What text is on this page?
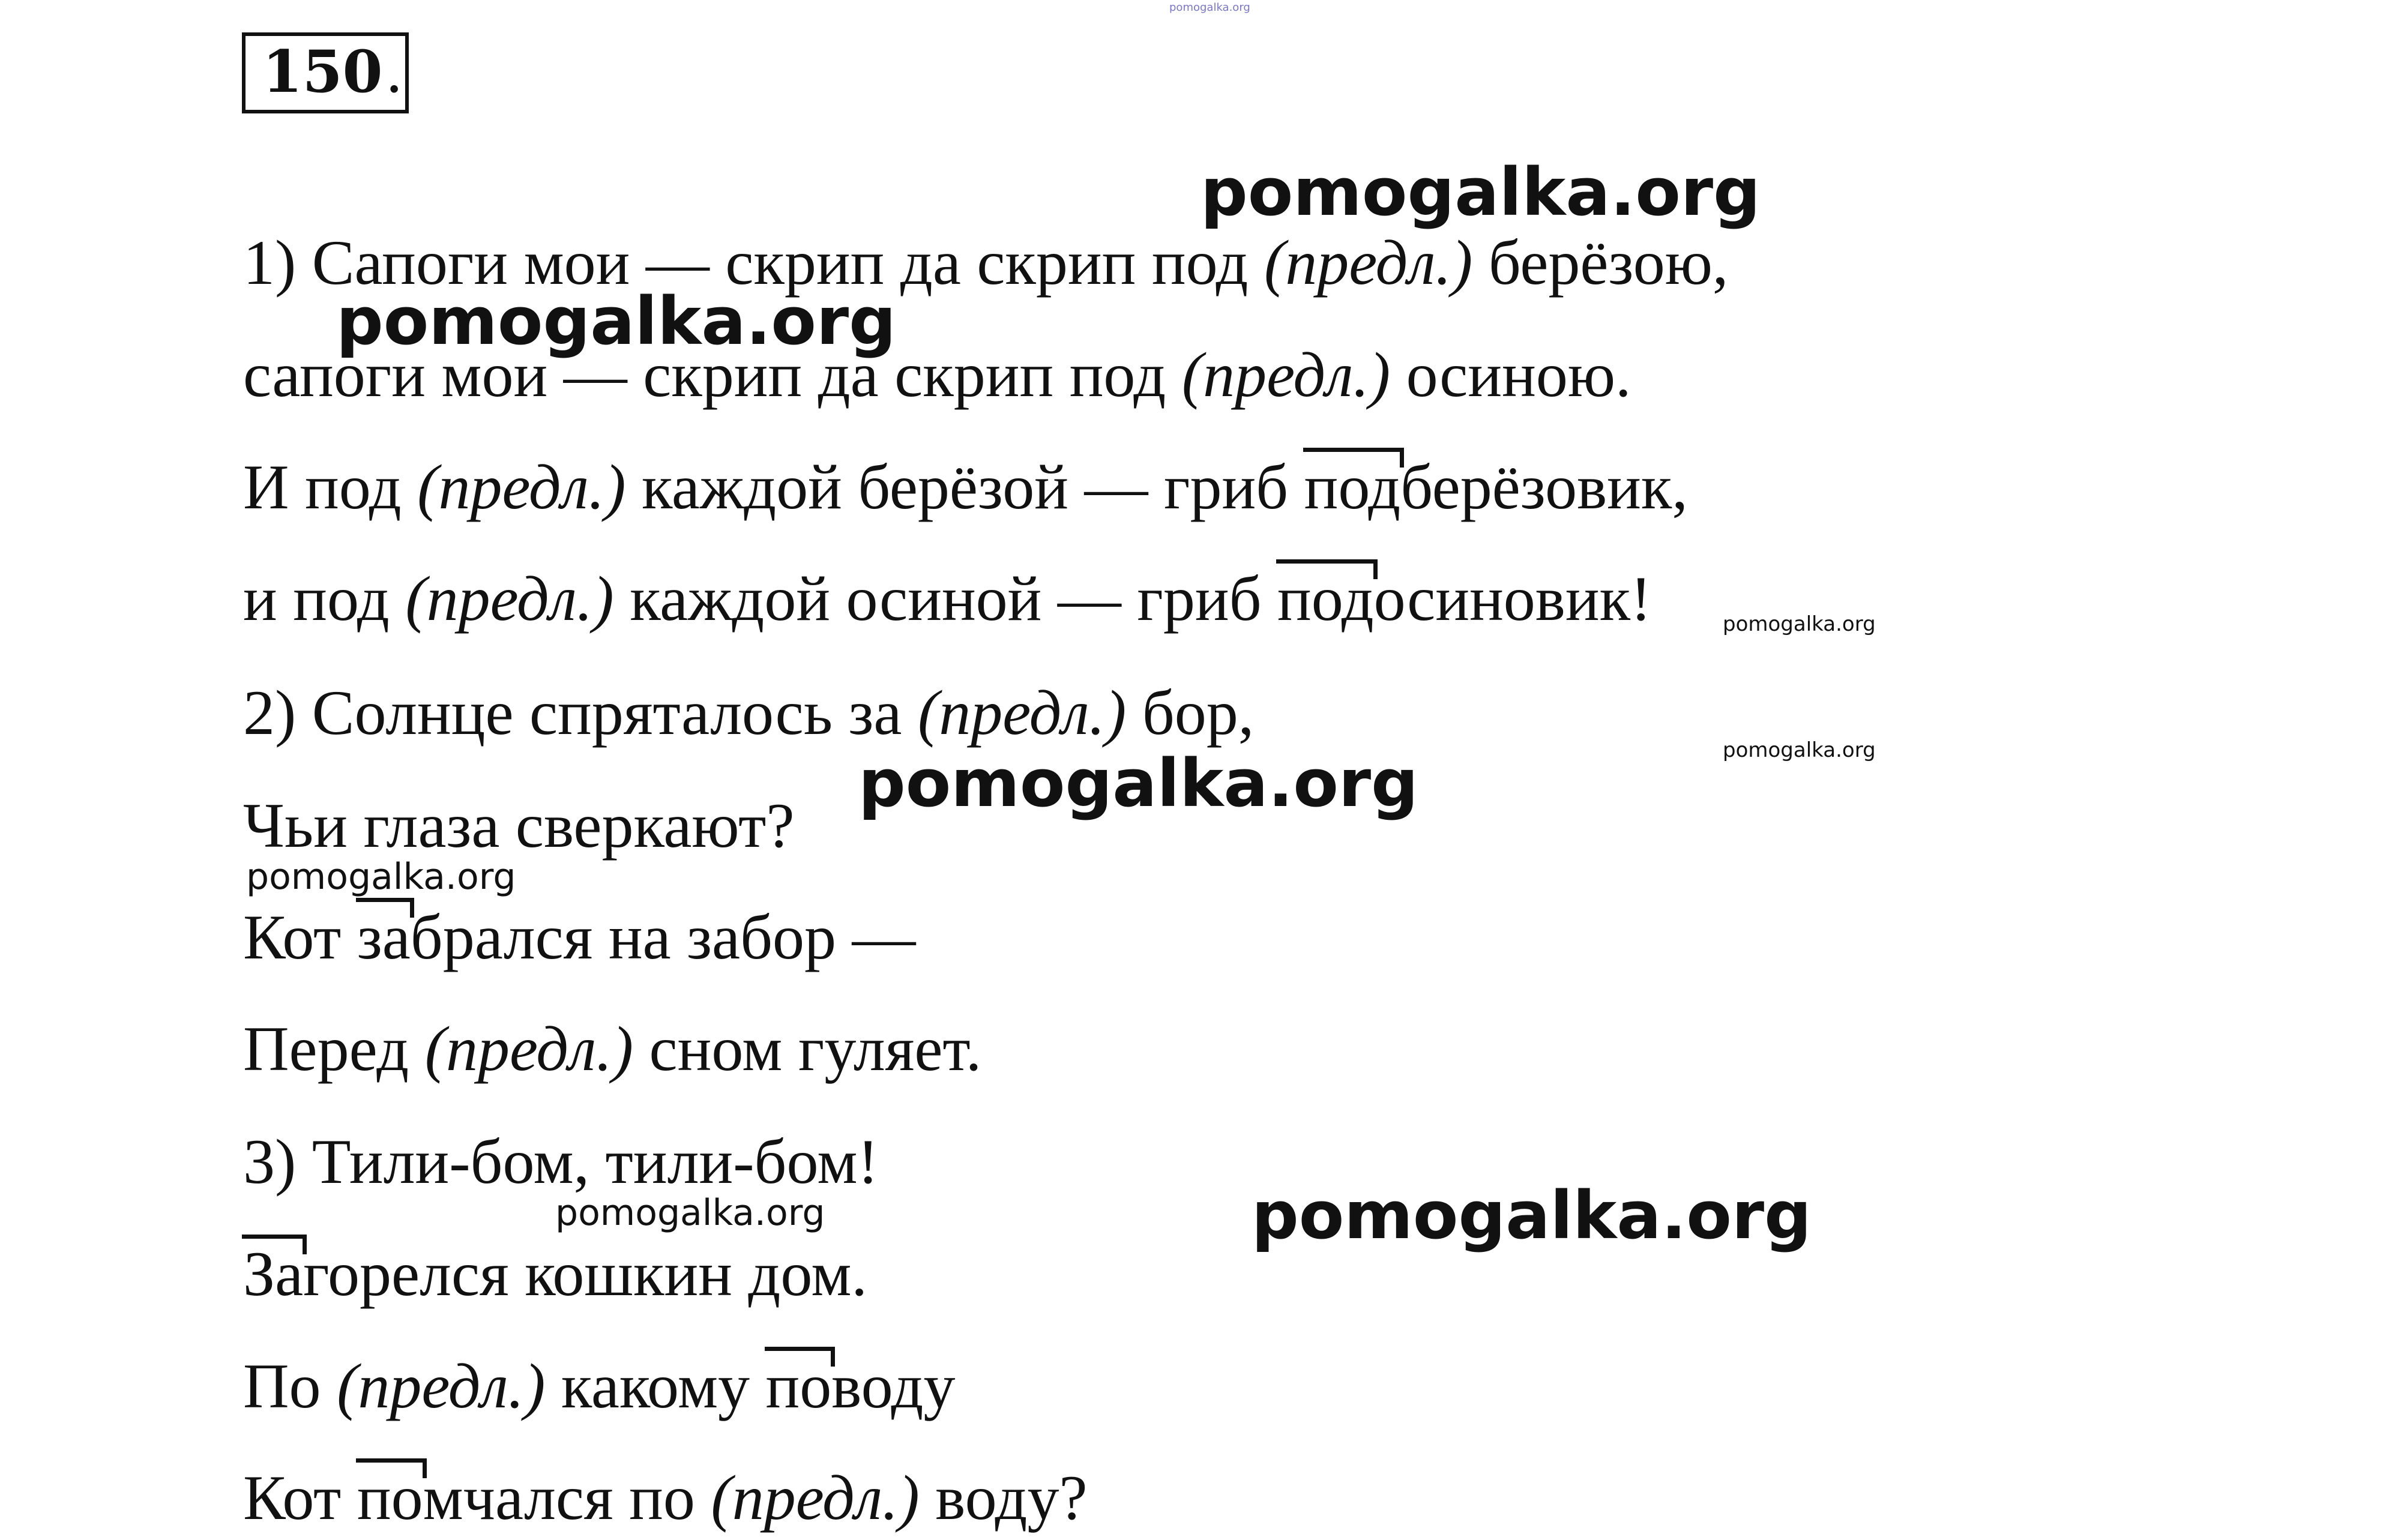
pomogalka.org
150.
1) Сапоги мои — скрип да скрип под (предл.) берёзою,
сапоги мои — скрип да скрип под (предл.) осиною.
И под (предл.) каждой берёзой — гриб подберёзовик,
и под (предл.) каждой осиной — гриб подосиновик!
2) Солнце спряталось за (предл.) бор,
Чьи глаза сверкают?
Кот забрался на забор —
Перед (предл.) сном гуляет.
3) Тили-бом, тили-бом!
Загорелся кошкин дом.
По (предл.) какому поводу
Кот помчался по (предл.) воду?
pomogalka.org
pomogalka.org
pomogalka.org
pomogalka.org
pomogalka.org
pomogalka.org
pomogalka.org	pomogalka.org
